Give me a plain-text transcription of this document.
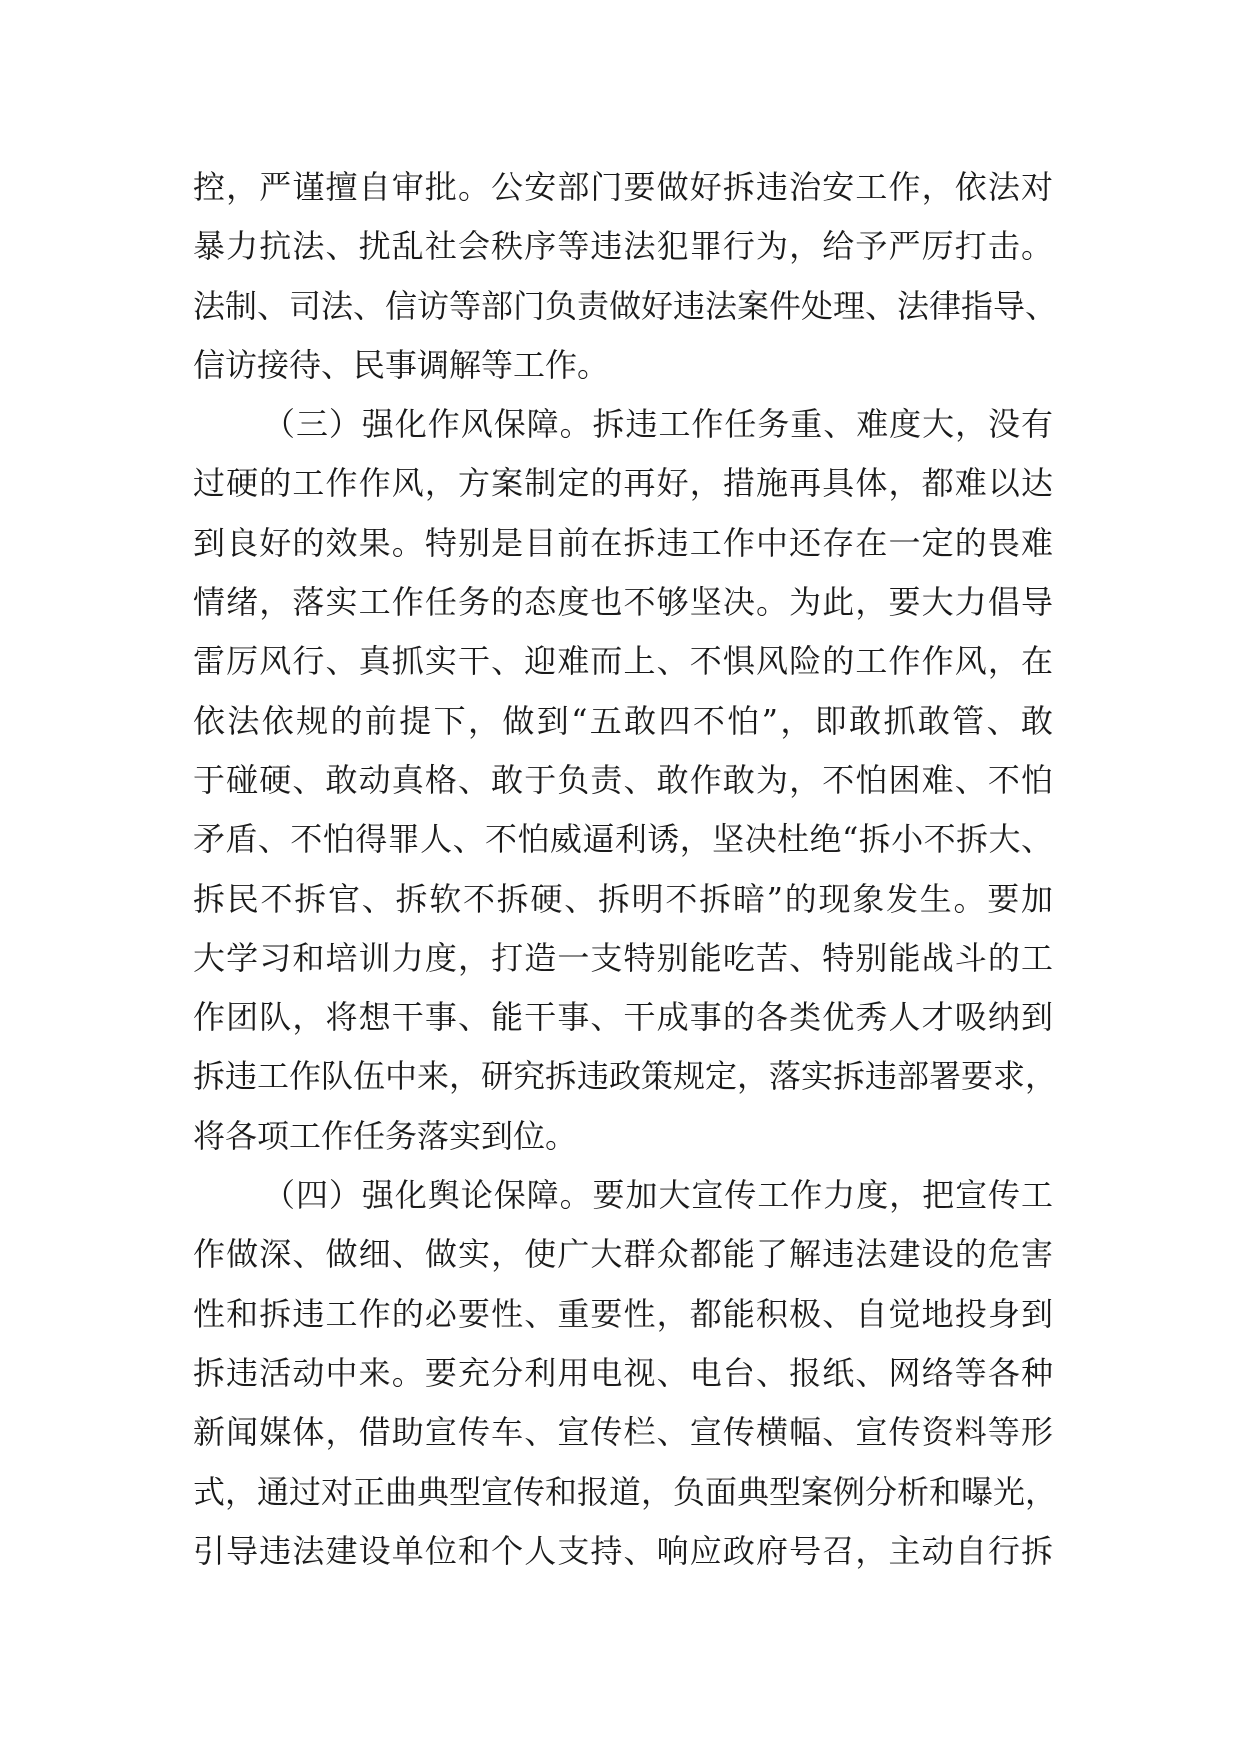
控，严谨擅自审批。公安部门要做好拆违治安工作，依法对
暴力抗法、扰乱社会秩序等违法犯罪行为，给予严厉打击。
法制、司法、信访等部门负责做好违法案件处理、法律指导、
信访接待、民事调解等工作。
（三）强化作风保障。拆违工作任务重、难度大，没有
过硬的工作作风，方案制定的再好，措施再具体，都难以达
到良好的效果。特别是目前在拆违工作中还存在一定的畏难
情绪，落实工作任务的态度也不够坚决。为此，要大力倡导
雷厉风行、真抓实干、迎难而上、不惧风险的工作作风，在
依法依规的前提下，做到“五敢四不怕”，即敢抓敢管、敢
于碰硬、敢动真格、敢于负责、敢作敢为，不怕困难、不怕
矛盾、不怕得罪人、不怕威逼利诱，坚决杜绝“拆小不拆大、
拆民不拆官、拆软不拆硬、拆明不拆暗”的现象发生。要加
大学习和培训力度，打造一支特别能吃苦、特别能战斗的工
作团队，将想干事、能干事、干成事的各类优秀人才吸纳到
拆违工作队伍中来，研究拆违政策规定，落实拆违部署要求，
将各项工作任务落实到位。
（四）强化舆论保障。要加大宣传工作力度，把宣传工
作做深、做细、做实，使广大群众都能了解违法建设的危害
性和拆违工作的必要性、重要性，都能积极、自觉地投身到
拆违活动中来。要充分利用电视、电台、报纸、网络等各种
新闻媒体，借助宣传车、宣传栏、宣传横幅、宣传资料等形
式，通过对正曲典型宣传和报道，负面典型案例分析和曝光，
引导违法建设单位和个人支持、响应政府号召，主动自行拆
